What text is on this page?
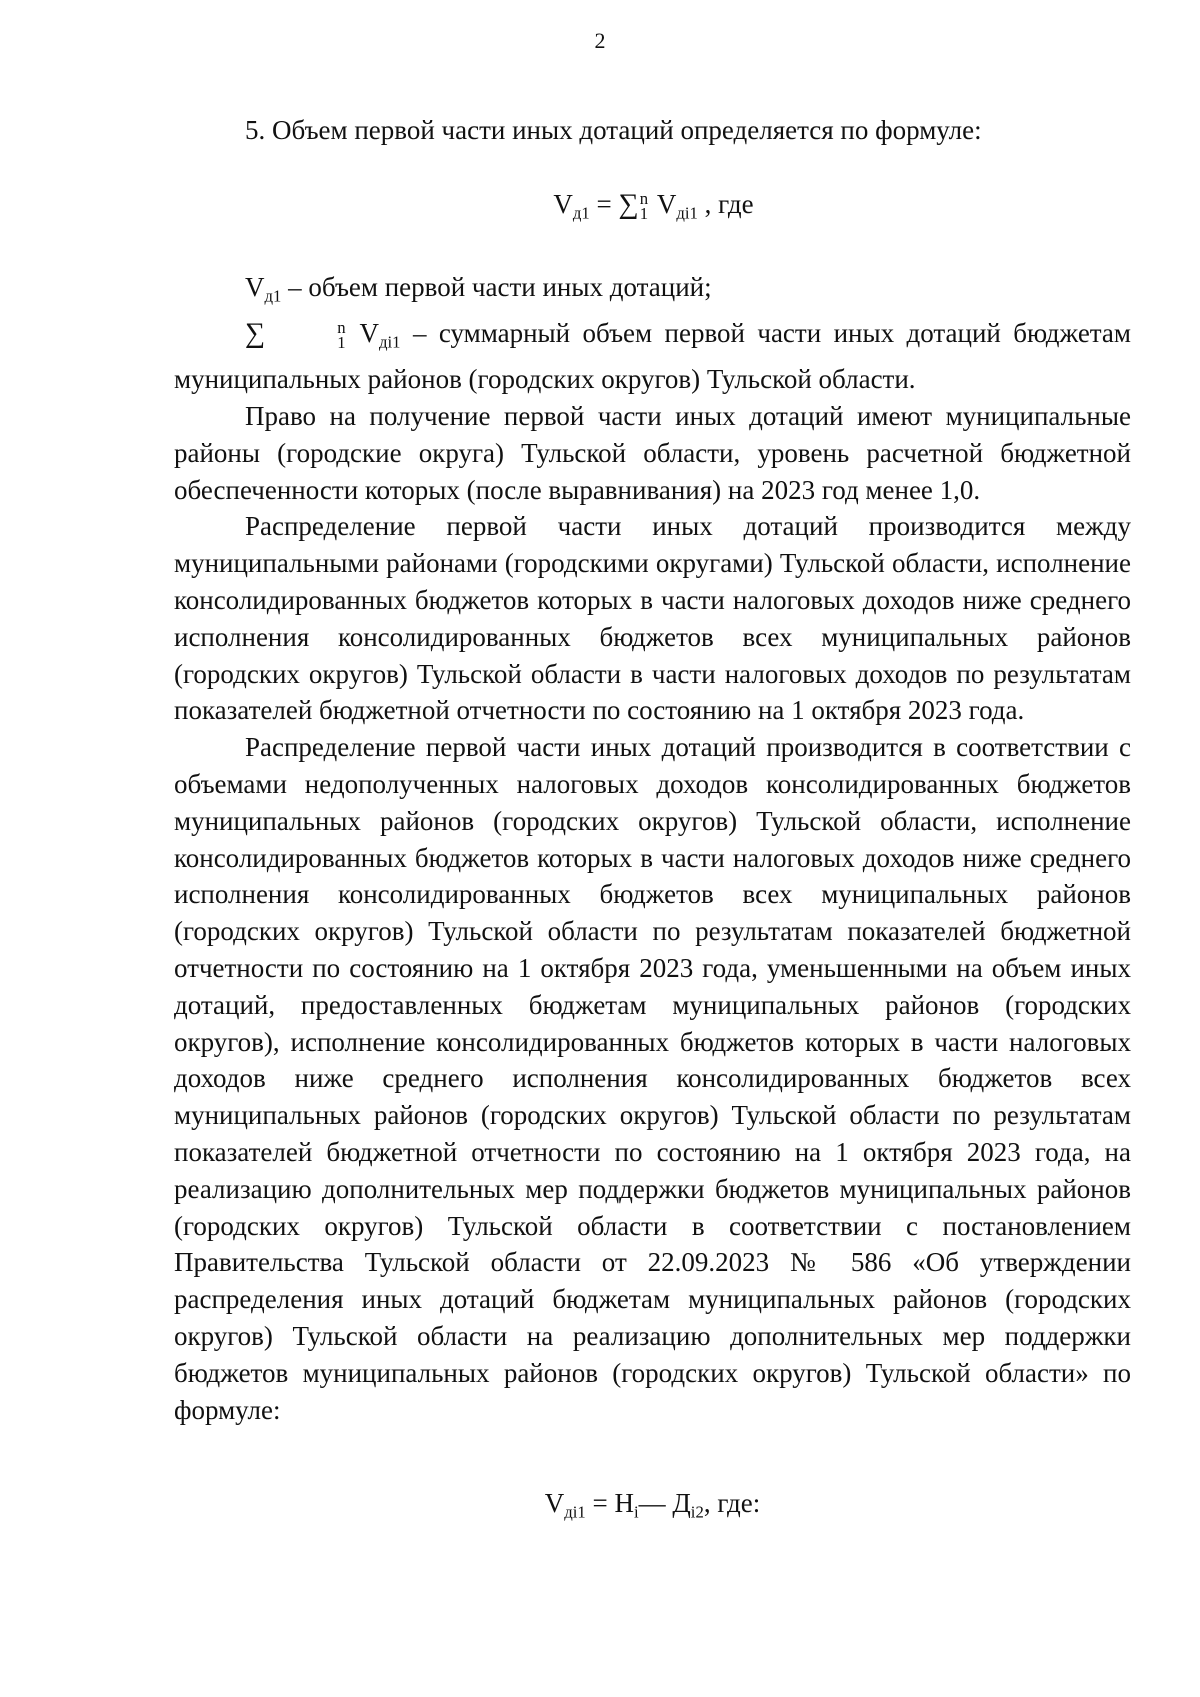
2

5. Объем первой части иных дотаций определяется по формуле:

$V_{д1}$ = ∑ n
1 $V_{дi1}$ , где

$V_{д1}$ – объем первой части иных дотаций;

∑	n
1 $V_{дi1}$ – суммарный объем первой части иных дотаций бюджетам муниципальных районов (городских округов) Тульской области.

Право на получение первой части иных дотаций имеют муниципальные районы (городские округа) Тульской области, уровень расчетной бюджетной обеспеченности которых (после выравнивания) на 2023 год менее 1,0.

Распределение первой части иных дотаций производится между муниципальными районами (городскими округами) Тульской области, исполнение консолидированных бюджетов которых в части налоговых доходов ниже среднего исполнения консолидированных бюджетов всех муниципальных районов (городских округов) Тульской области в части налоговых доходов по результатам показателей бюджетной отчетности по состоянию на 1 октября 2023 года.

Распределение первой части иных дотаций производится в соответствии с объемами недополученных налоговых доходов консолидированных бюджетов муниципальных районов (городских округов) Тульской области, исполнение консолидированных бюджетов которых в части налоговых доходов ниже среднего исполнения консолидированных бюджетов всех муниципальных районов (городских округов) Тульской области по результатам показателей бюджетной отчетности по состоянию на 1 октября 2023 года, уменьшенными на объем иных дотаций, предоставленных бюджетам муниципальных районов (городских округов), исполнение консолидированных бюджетов которых в части налоговых доходов ниже среднего исполнения консолидированных бюджетов всех муниципальных районов (городских округов) Тульской области по результатам показателей бюджетной отчетности по состоянию на 1 октября 2023 года, на реализацию дополнительных мер поддержки бюджетов муниципальных районов (городских округов) Тульской области в соответствии с постановлением Правительства Тульской области от 22.09.2023 № 586 «Об утверждении распределения иных дотаций бюджетам муниципальных районов (городских округов) Тульской области на реализацию дополнительных мер поддержки бюджетов муниципальных районов (городских округов) Тульской области» по формуле:

$V_{дi1}$ = $Н_i—$ $Д_{i2}$, где:
